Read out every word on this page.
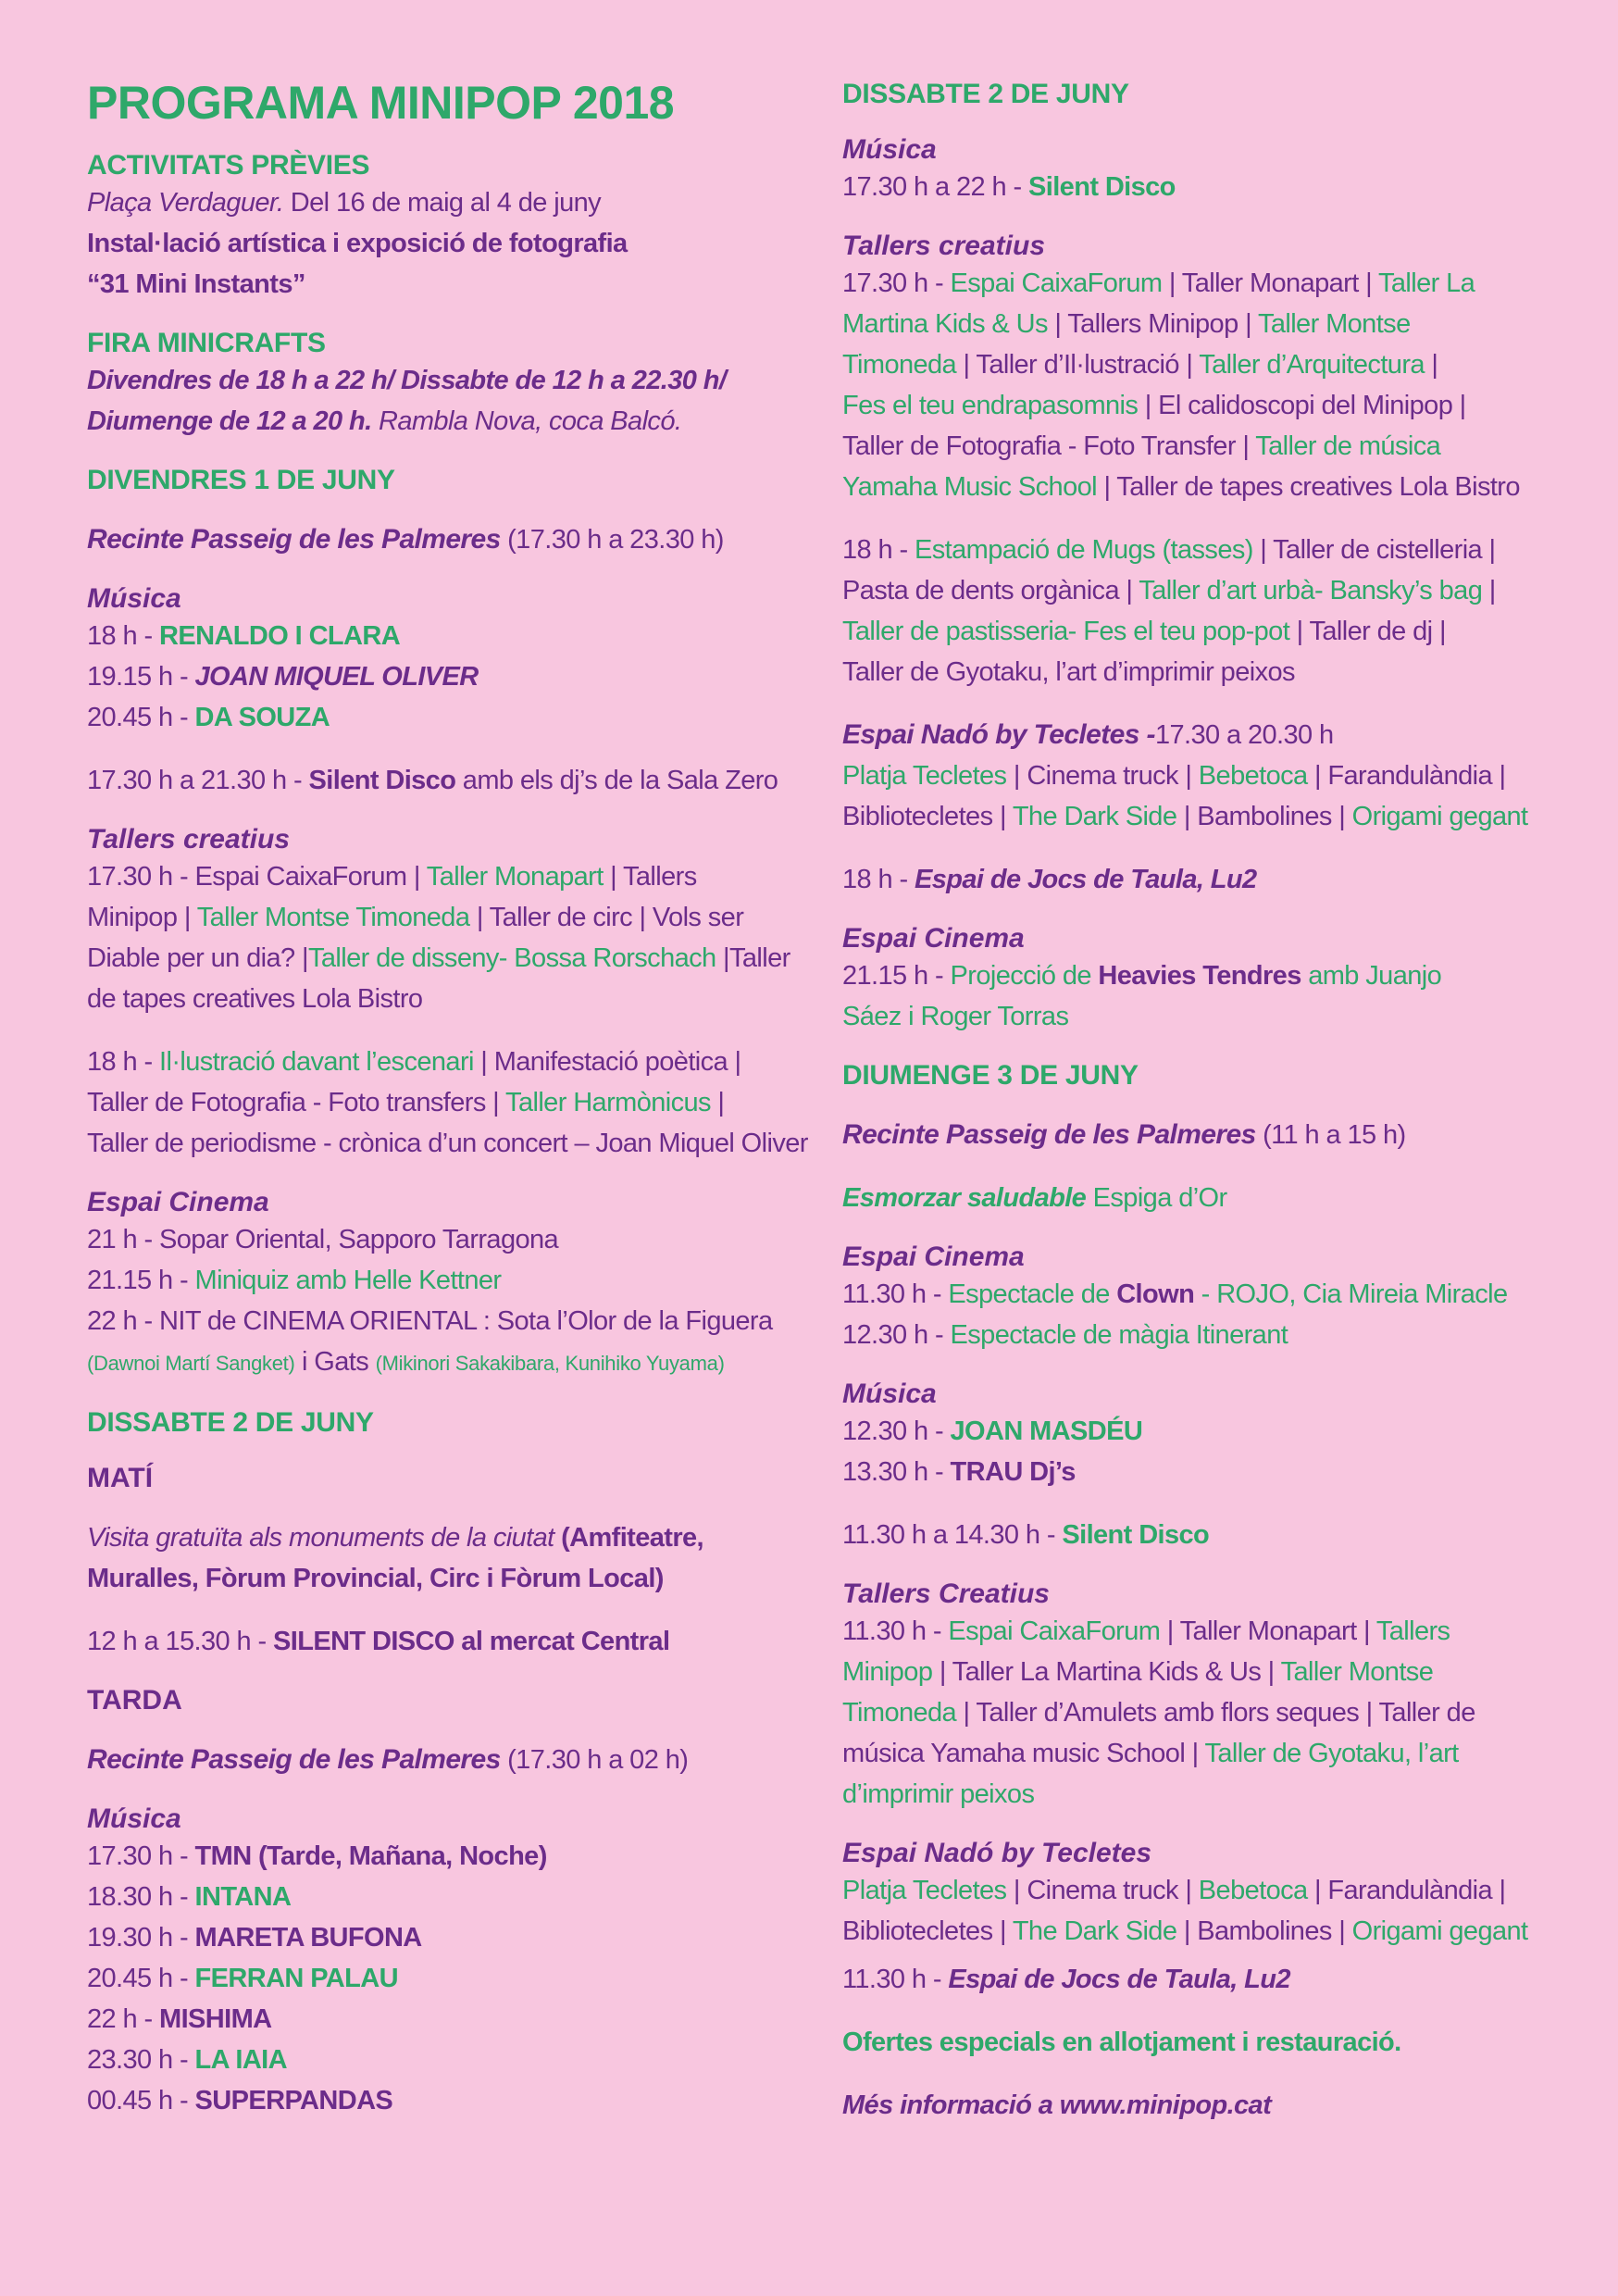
PROGRAMA MINIPOP 2018
ACTIVITATS PRÈVIES
Plaça Verdaguer. Del 16 de maig al 4 de juny
Instal·lació artística i exposició de fotografia
“31 Mini Instants”
FIRA MINICRAFTS
Divendres de 18 h a 22 h/ Dissabte de 12 h a 22.30 h/
Diumenge de 12 a 20 h. Rambla Nova, coca Balcó.
DIVENDRES 1 DE JUNY
Recinte Passeig de les Palmeres (17.30 h a 23.30 h)
Música
18 h - RENALDO I CLARA
19.15 h - JOAN MIQUEL OLIVER
20.45 h - DA SOUZA
17.30 h a 21.30 h - Silent Disco amb els dj’s de la Sala Zero
Tallers creatius
17.30 h - Espai CaixaForum | Taller Monapart | Tallers
Minipop | Taller Montse Timoneda | Taller de circ | Vols ser
Diable per un dia? |Taller de disseny- Bossa Rorschach |Taller
de tapes creatives Lola Bistro
18 h - Il·lustració davant l’escenari | Manifestació poètica |
Taller de Fotografia - Foto transfers | Taller Harmònicus |
Taller de periodisme - crònica d’un concert – Joan Miquel Oliver
Espai Cinema
21 h - Sopar Oriental, Sapporo Tarragona
21.15 h - Miniquiz amb Helle Kettner
22 h - NIT de CINEMA ORIENTAL : Sota l’Olor de la Figuera
(Dawnoi Martí Sangket) i Gats (Mikinori Sakakibara, Kunihiko Yuyama)
DISSABTE 2 DE JUNY
MATÍ
Visita gratuïta als monuments de la ciutat (Amfiteatre,
Muralles, Fòrum Provincial, Circ i Fòrum Local)
12 h a 15.30 h - SILENT DISCO al mercat Central
TARDA
Recinte Passeig de les Palmeres (17.30 h a 02 h)
Música
17.30 h - TMN (Tarde, Mañana, Noche)
18.30 h - INTANA
19.30 h - MARETA BUFONA
20.45 h - FERRAN PALAU
22 h - MISHIMA
23.30 h - LA IAIA
00.45 h - SUPERPANDAS
DISSABTE 2 DE JUNY
Música
17.30 h a 22 h - Silent Disco
Tallers creatius
17.30 h - Espai CaixaForum | Taller Monapart | Taller La
Martina Kids & Us | Tallers Minipop | Taller Montse
Timoneda | Taller d’Il·lustració | Taller d’Arquitectura |
Fes el teu endrapasomnis | El calidoscopi del Minipop |
Taller de Fotografia - Foto Transfer | Taller de música
Yamaha Music School | Taller de tapes creatives Lola Bistro
18 h - Estampació de Mugs (tasses) | Taller de cistelleria |
Pasta de dents orgànica | Taller d’art urbà- Bansky’s bag |
Taller de pastisseria- Fes el teu pop-pot | Taller de dj |
Taller de Gyotaku, l’art d’imprimir peixos
Espai Nadó by Tecletes -17.30 a 20.30 h
Platja Tecletes | Cinema truck | Bebetoca | Farandulàndia |
Bibliotecletes | The Dark Side | Bambolines | Origami gegant
18 h - Espai de Jocs de Taula, Lu2
Espai Cinema
21.15 h - Projecció de Heavies Tendres amb Juanjo
Sáez i Roger Torras
DIUMENGE 3 DE JUNY
Recinte Passeig de les Palmeres (11 h a 15 h)
Esmorzar saludable Espiga d’Or
Espai Cinema
11.30 h - Espectacle de Clown - ROJO, Cia Mireia Miracle
12.30 h - Espectacle de màgia Itinerant
Música
12.30 h - JOAN MASDÉU
13.30 h - TRAU Dj’s
11.30 h a 14.30 h - Silent Disco
Tallers Creatius
11.30 h - Espai CaixaForum | Taller Monapart | Tallers
Minipop | Taller La Martina Kids & Us | Taller Montse
Timoneda | Taller d’Amulets amb flors seques | Taller de
música Yamaha music School | Taller de Gyotaku, l’art
d’imprimir peixos
Espai Nadó by Tecletes
Platja Tecletes | Cinema truck | Bebetoca | Farandulàndia |
Bibliotecletes | The Dark Side | Bambolines | Origami gegant
11.30 h - Espai de Jocs de Taula, Lu2
Ofertes especials en allotjament i restauració.
Més informació a www.minipop.cat
